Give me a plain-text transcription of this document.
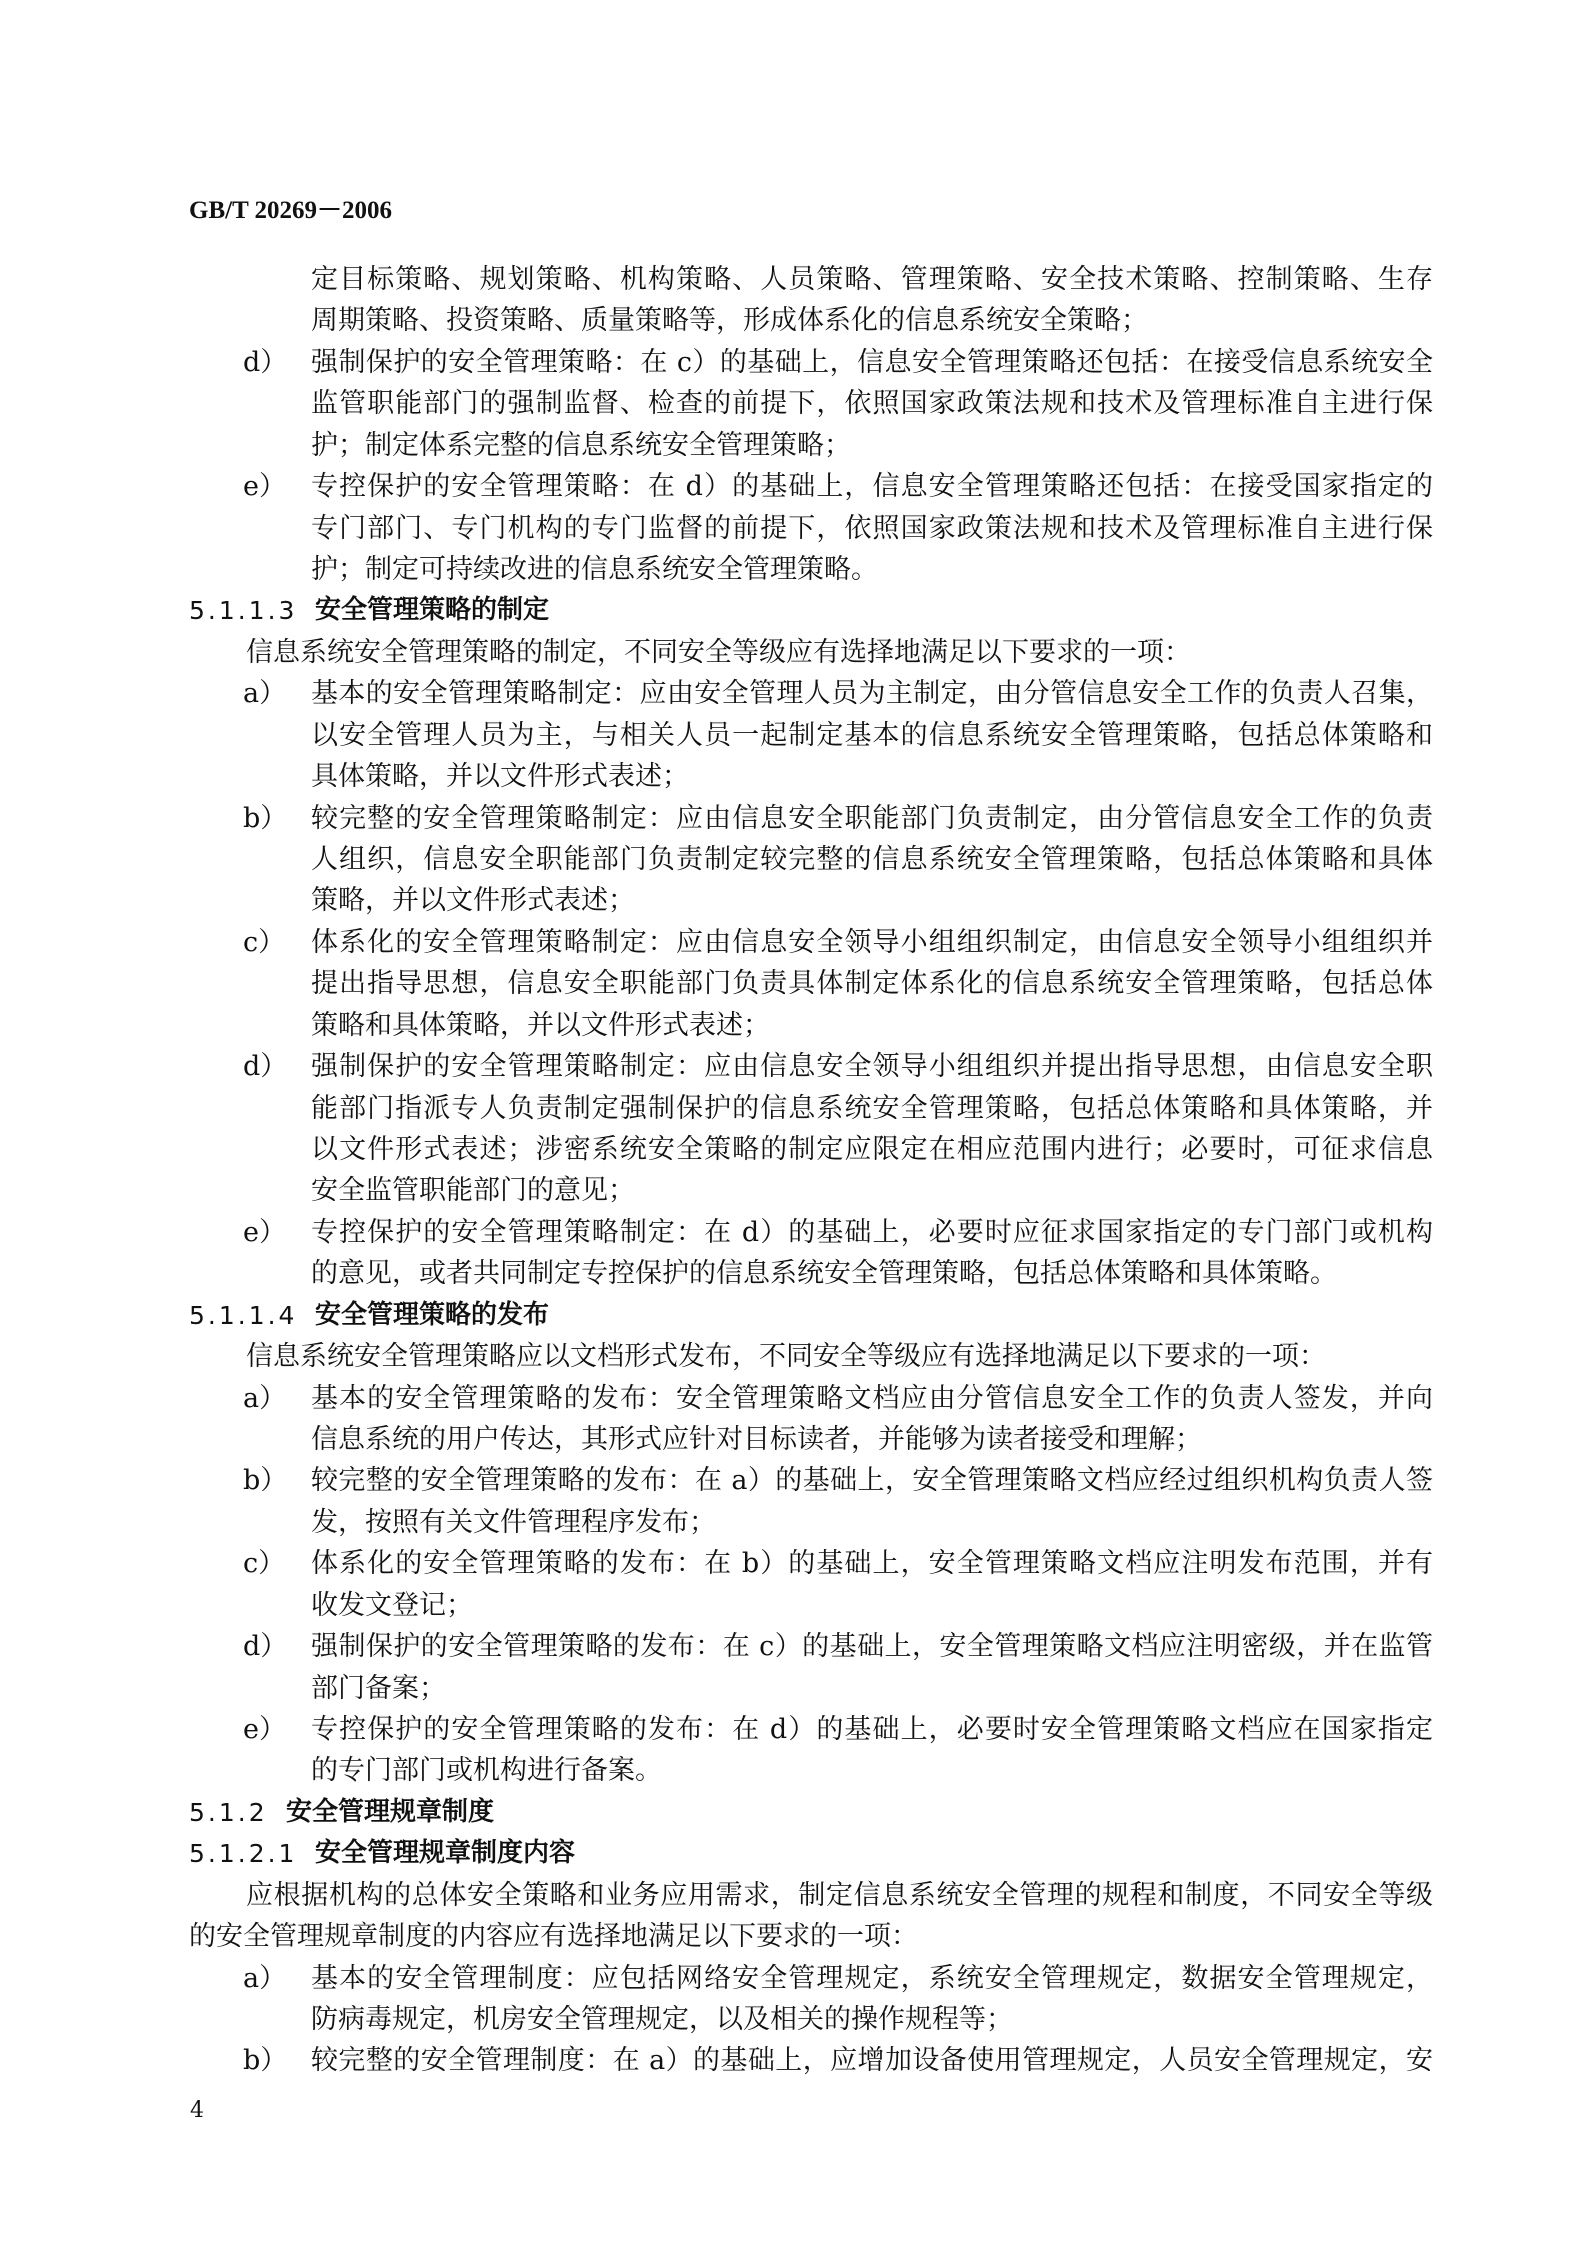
GB/T 20269－2006
定目标策略、规划策略、机构策略、人员策略、管理策略、安全技术策略、控制策略、生存
周期策略、投资策略、质量策略等，形成体系化的信息系统安全策略；
d） 强制保护的安全管理策略：在 c）的基础上，信息安全管理策略还包括：在接受信息系统安全
监管职能部门的强制监督、检查的前提下，依照国家政策法规和技术及管理标准自主进行保
护；制定体系完整的信息系统安全管理策略；
e） 专控保护的安全管理策略：在 d）的基础上，信息安全管理策略还包括：在接受国家指定的
专门部门、专门机构的专门监督的前提下，依照国家政策法规和技术及管理标准自主进行保
护；制定可持续改进的信息系统安全管理策略。
5.1.1.3 安全管理策略的制定
信息系统安全管理策略的制定，不同安全等级应有选择地满足以下要求的一项：
a） 基本的安全管理策略制定：应由安全管理人员为主制定，由分管信息安全工作的负责人召集，
以安全管理人员为主，与相关人员一起制定基本的信息系统安全管理策略，包括总体策略和
具体策略，并以文件形式表述；
b） 较完整的安全管理策略制定：应由信息安全职能部门负责制定，由分管信息安全工作的负责
人组织，信息安全职能部门负责制定较完整的信息系统安全管理策略，包括总体策略和具体
策略，并以文件形式表述；
c） 体系化的安全管理策略制定：应由信息安全领导小组组织制定，由信息安全领导小组组织并
提出指导思想，信息安全职能部门负责具体制定体系化的信息系统安全管理策略，包括总体
策略和具体策略，并以文件形式表述；
d） 强制保护的安全管理策略制定：应由信息安全领导小组组织并提出指导思想，由信息安全职
能部门指派专人负责制定强制保护的信息系统安全管理策略，包括总体策略和具体策略，并
以文件形式表述；涉密系统安全策略的制定应限定在相应范围内进行；必要时，可征求信息
安全监管职能部门的意见；
e） 专控保护的安全管理策略制定：在 d）的基础上，必要时应征求国家指定的专门部门或机构
的意见，或者共同制定专控保护的信息系统安全管理策略，包括总体策略和具体策略。
5.1.1.4 安全管理策略的发布
信息系统安全管理策略应以文档形式发布，不同安全等级应有选择地满足以下要求的一项：
a） 基本的安全管理策略的发布：安全管理策略文档应由分管信息安全工作的负责人签发，并向
信息系统的用户传达，其形式应针对目标读者，并能够为读者接受和理解；
b） 较完整的安全管理策略的发布：在 a）的基础上，安全管理策略文档应经过组织机构负责人签
发，按照有关文件管理程序发布；
c） 体系化的安全管理策略的发布：在 b）的基础上，安全管理策略文档应注明发布范围，并有
收发文登记；
d） 强制保护的安全管理策略的发布：在 c）的基础上，安全管理策略文档应注明密级，并在监管
部门备案；
e） 专控保护的安全管理策略的发布：在 d）的基础上，必要时安全管理策略文档应在国家指定
的专门部门或机构进行备案。
5.1.2 安全管理规章制度
5.1.2.1 安全管理规章制度内容
应根据机构的总体安全策略和业务应用需求，制定信息系统安全管理的规程和制度，不同安全等级
的安全管理规章制度的内容应有选择地满足以下要求的一项：
a） 基本的安全管理制度：应包括网络安全管理规定，系统安全管理规定，数据安全管理规定，
防病毒规定，机房安全管理规定，以及相关的操作规程等；
b） 较完整的安全管理制度：在 a）的基础上，应增加设备使用管理规定，人员安全管理规定，安
4
